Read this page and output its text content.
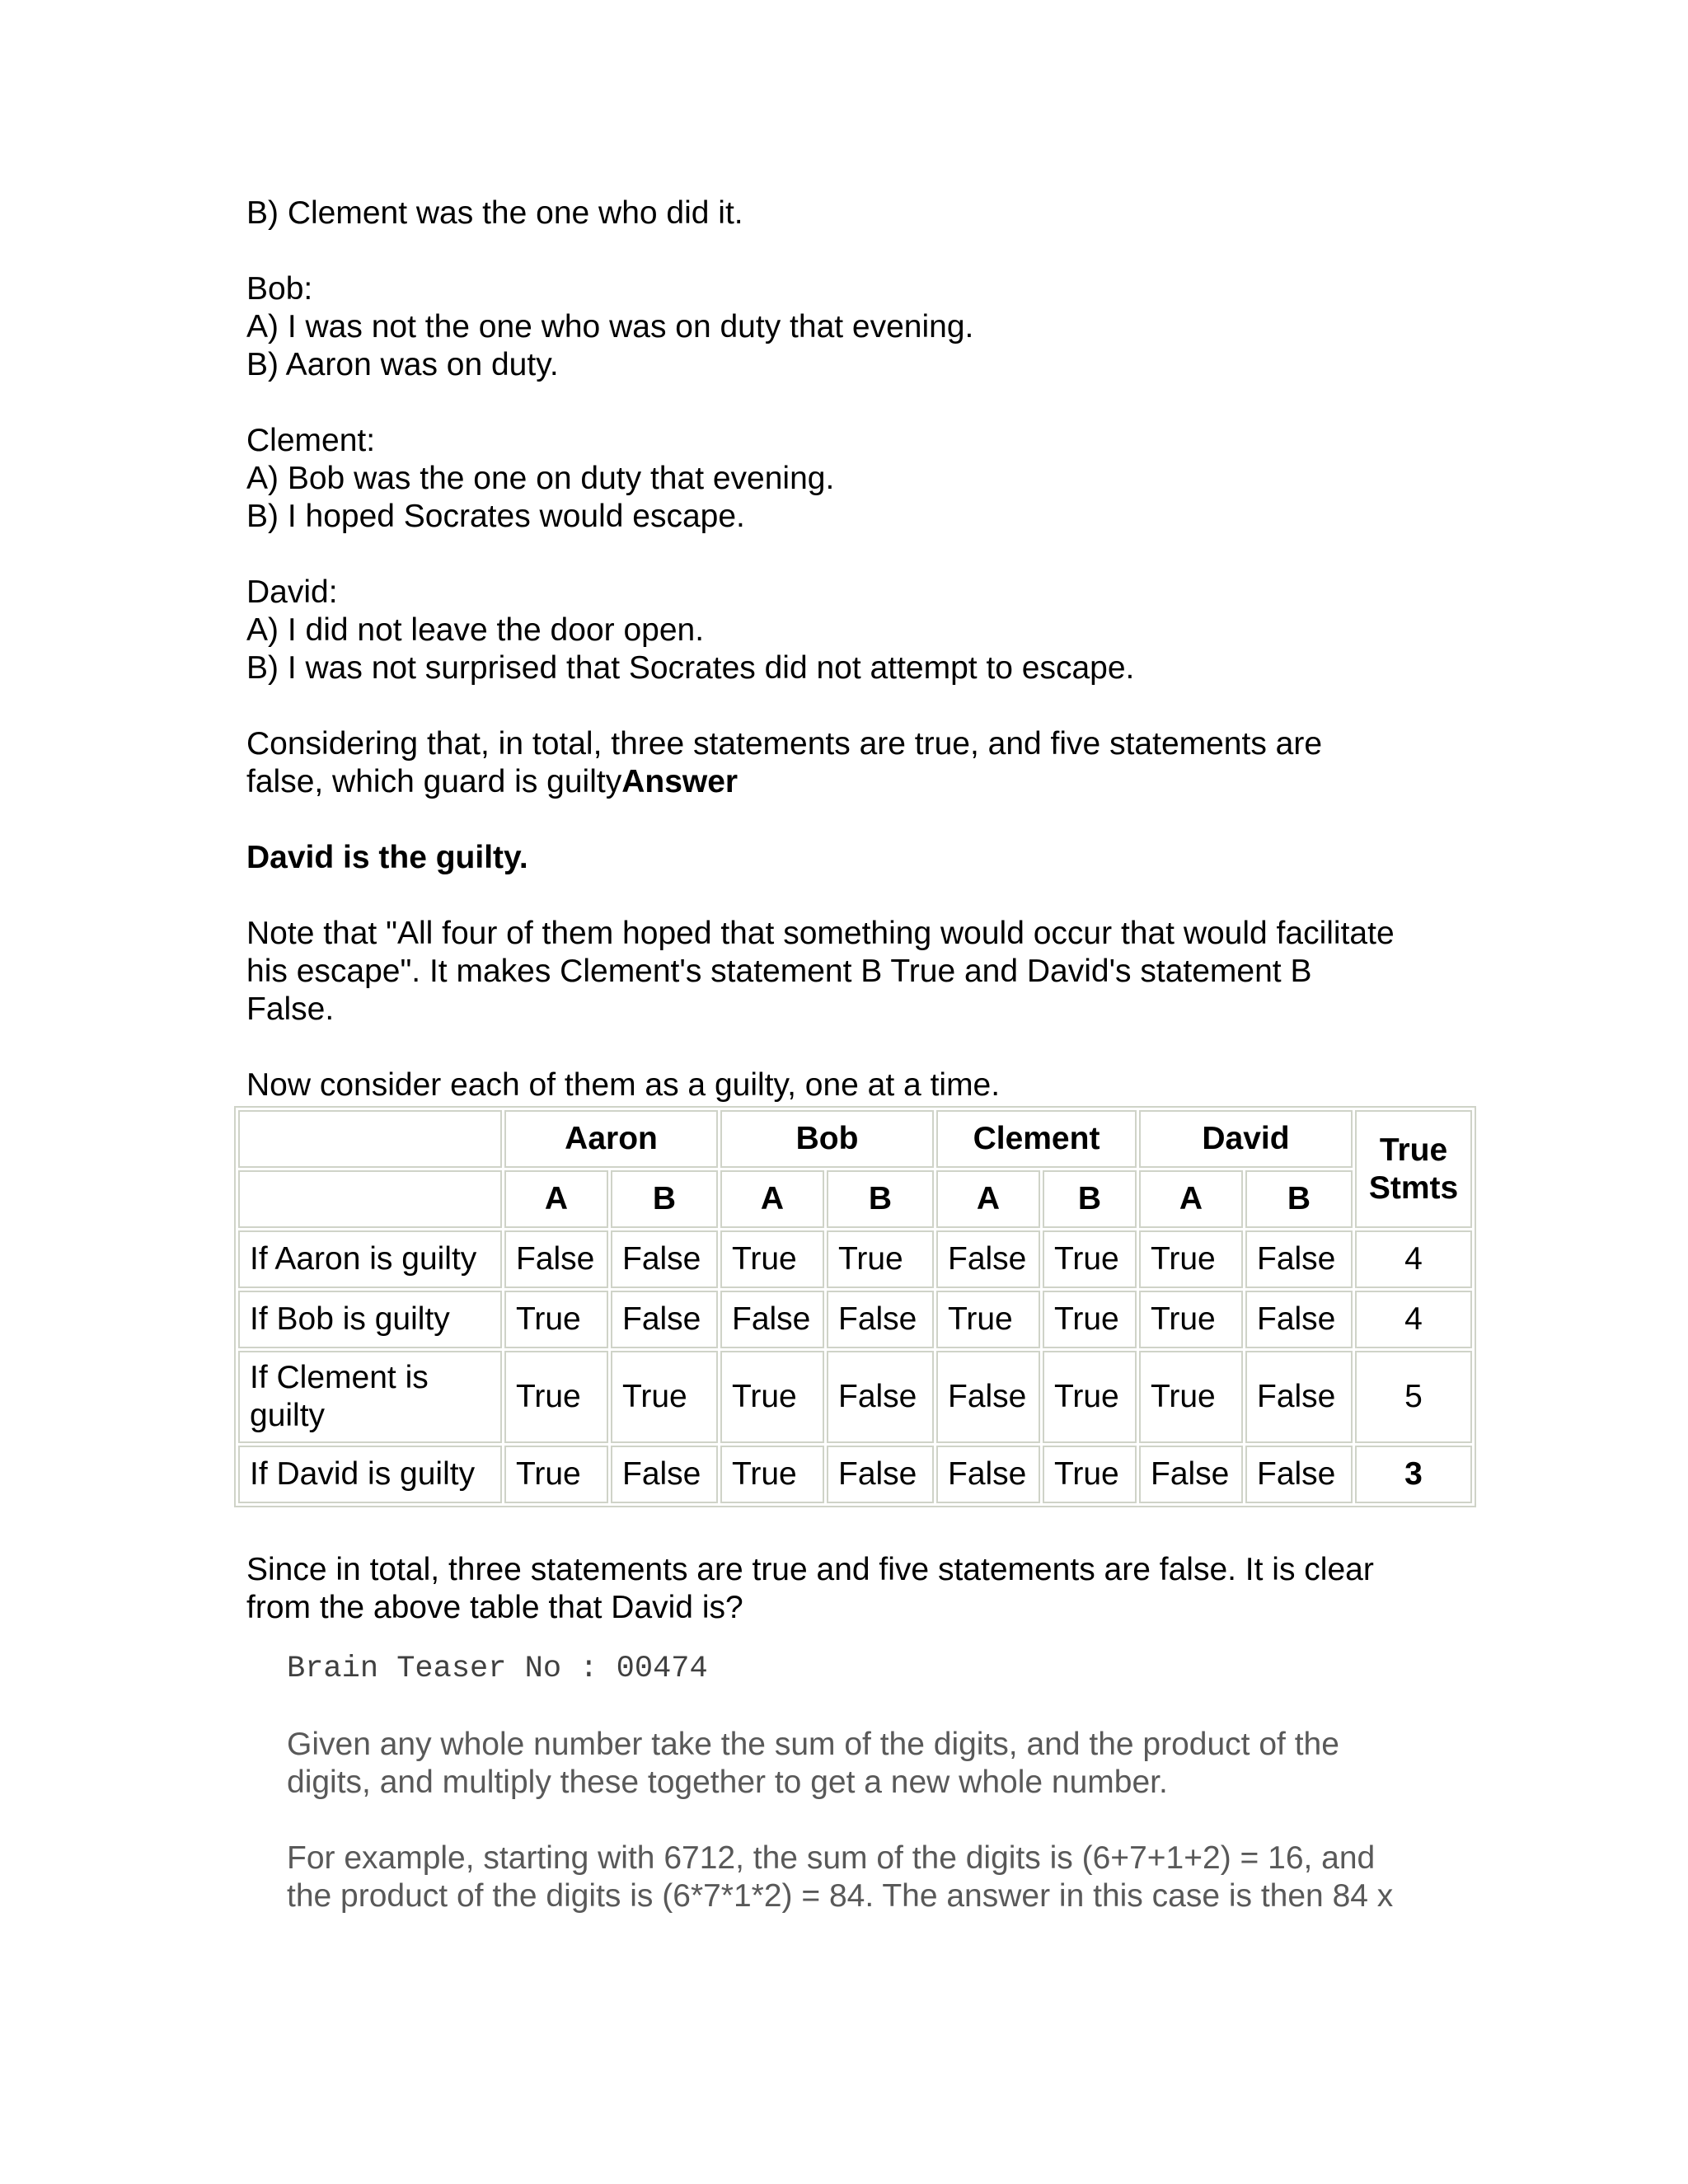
B) Clement was the one who did it.
Bob:
A) I was not the one who was on duty that evening.
B) Aaron was on duty.
Clement:
A) Bob was the one on duty that evening.
B) I hoped Socrates would escape.
David:
A) I did not leave the door open.
B) I was not surprised that Socrates did not attempt to escape.
Considering that, in total, three statements are true, and five statements are
false, which guard is guiltyAnswer
David is the guilty.
Note that "All four of them hoped that something would occur that would facilitate
his escape". It makes Clement's statement B True and David's statement B
False.
Now consider each of them as a guilty, one at a time.
	Aaron		Bob		Clement		David		True
Stmts

	A	B	A	B	A	B	A	B	
If Aaron is guilty	False	False	True	True	False	True	True	False	4
If Bob is guilty	True	False	False	False	True	True	True	False	4

If Clement is
guilty	True	True	True	False	False	True	True	False	5
If David is guilty	True	False	True	False	False	True	False	False	3
Since in total, three statements are true and five statements are false. It is clear
from the above table that David is?
Brain Teaser No : 00474
Given any whole number take the sum of the digits, and the product of the
digits, and multiply these together to get a new whole number.
For example, starting with 6712, the sum of the digits is (6+7+1+2) = 16, and
the product of the digits is (6*7*1*2) = 84. The answer in this case is then 84 x
